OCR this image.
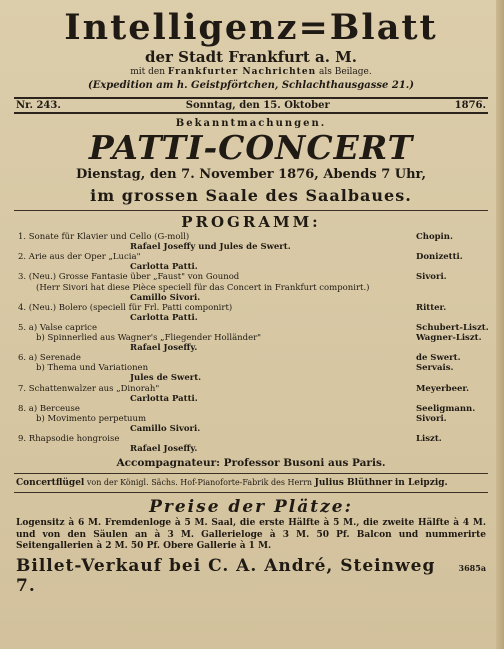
Intelligenz=Blatt
der Stadt Frankfurt a. M.
mit den Frankfurter Nachrichten als Beilage.
(Expedition am h. Geistpförtchen, Schlachthausgasse 21.)
Nr. 243.	Sonntag, den 15. Oktober	1876.
Bekanntmachungen.
PATTI-CONCERT
Dienstag, den 7. November 1876, Abends 7 Uhr,
im grossen Saale des Saalbaues.
PROGRAMM:
1. Sonate für Klavier und Cello (G-moll)	Chopin.
Rafael Joseffy und Jules de Swert.
2. Arie aus der Oper „Lucia"	Donizetti.
Carlotta Patti.
3. (Neu.) Grosse Fantasie über „Faust" von Gounod	Sivori.
(Herr Sivori hat diese Pièce speciell für das Concert in Frankfurt componirt.)
Camillo Sivori.
4. (Neu.) Bolero (speciell für Frl. Patti componirt)	Ritter.
Carlotta Patti.
5. a) Valse caprice	Schubert-Liszt.
b) Spinnerlied aus Wagner's „Fliegender Holländer"	Wagner-Liszt.
Rafael Joseffy.
6. a) Serenade	de Swert.
b) Thema und Variationen	Servais.
Jules de Swert.
7. Schattenwalzer aus „Dinorah"	Meyerbeer.
Carlotta Patti.
8. a) Berceuse	Seeligmann.
b) Movimento perpetuum	Sivori.
Camillo Sivori.
9. Rhapsodie hongroise	Liszt.
Rafael Joseffy.
Accompagnateur: Professor Busoni aus Paris.
Concertflügel von der Königl. Sächs. Hof-Pianoforte-Fabrik des Herrn Julius Blüthner in Leipzig.
Preise der Plätze:
Logensitz à 6 M. Fremdenloge à 5 M. Saal, die erste Hälfte à 5 M., die zweite Hälfte à 4 M. und von den Säulen an à 3 M. Gallerieloge à 3 M. 50 Pf. Balcon und nummerirte Seitengallerien à 2 M. 50 Pf. Obere Gallerie à 1 M.
Billet-Verkauf bei C. A. André, Steinweg 7.
3685a
